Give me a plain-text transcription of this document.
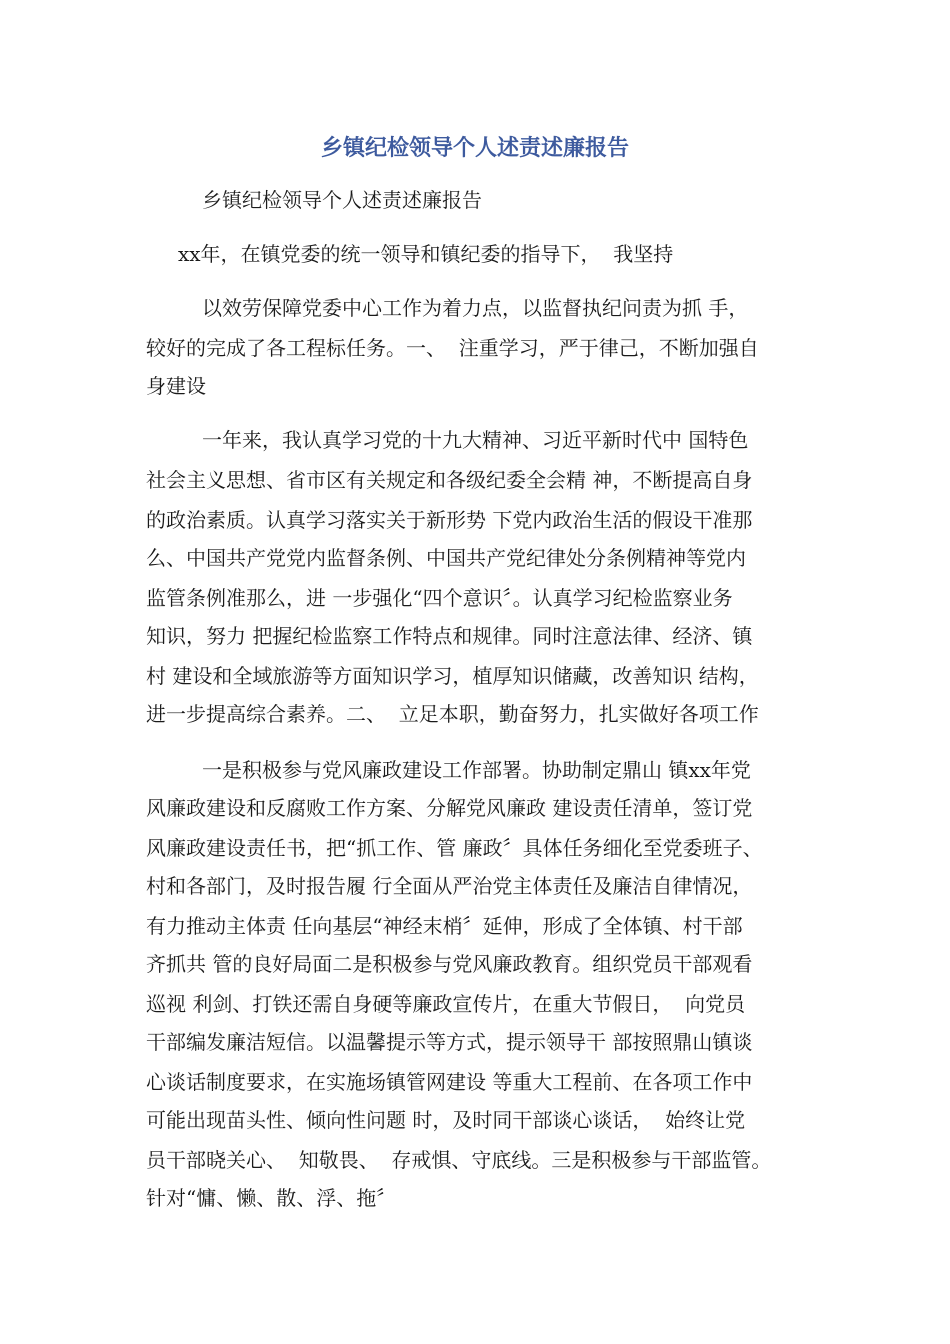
乡镇纪检领导个人述责述廉报告

乡镇纪检领导个人述责述廉报告

xx年，在镇党委的统一领导和镇纪委的指导下，  我坚持

以效劳保障党委中心工作为着力点，以监督执纪问责为抓 手，

较好的完成了各工程标任务。一、  注重学习，严于律己，不断加强自

身建设

一年来，我认真学习党的十九大精神、习近平新时代中 国特色

社会主义思想、省市区有关规定和各级纪委全会精 神，不断提高自身

的政治素质。认真学习落实关于新形势 下党内政治生活的假设干准那

么、中国共产党党内监督条例、中国共产党纪律处分条例精神等党内

监管条例准那么，进 一步强化“四个意识〞。认真学习纪检监察业务

知识，努力 把握纪检监察工作特点和规律。同时注意法律、经济、镇

村 建设和全域旅游等方面知识学习，植厚知识储藏，改善知识 结构，

进一步提高综合素养。二、  立足本职，勤奋努力，扎实做好各项工作

一是积极参与党风廉政建设工作部署。协助制定鼎山 镇xx年党

风廉政建设和反腐败工作方案、分解党风廉政 建设责任清单，签订党

风廉政建设责任书，把“抓工作、管 廉政〞具体任务细化至党委班子、

村和各部门，及时报告履 行全面从严治党主体责任及廉洁自律情况，

有力推动主体责 任向基层“神经末梢〞延伸，形成了全体镇、村干部

齐抓共 管的良好局面二是积极参与党风廉政教育。组织党员干部观看

巡视 利剑、打铁还需自身硬等廉政宣传片，在重大节假日，  向党员

干部编发廉洁短信。以温馨提示等方式，提示领导干 部按照鼎山镇谈

心谈话制度要求，在实施场镇管网建设 等重大工程前、在各项工作中

可能出现苗头性、倾向性问题 时，及时同干部谈心谈话，  始终让党

员干部晓关心、  知敬畏、  存戒惧、守底线。三是积极参与干部监管。

针对“慵、懒、散、浮、拖〞
